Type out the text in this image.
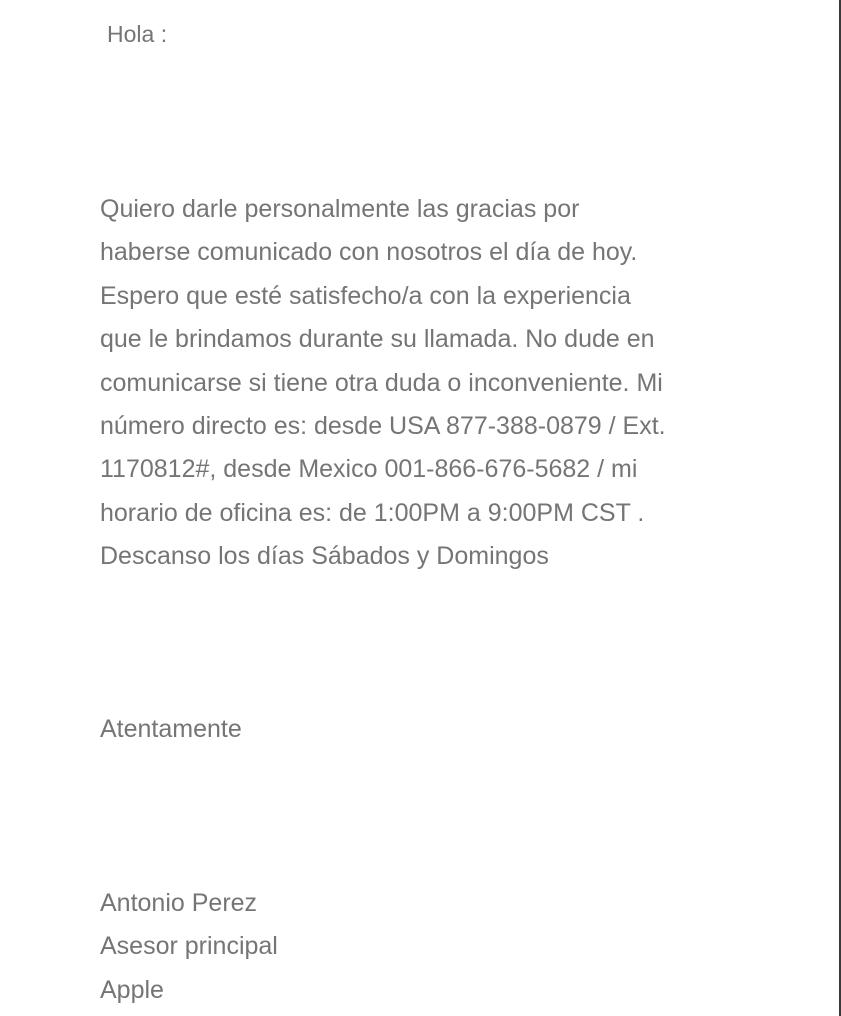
Hola :

Quiero darle personalmente las gracias por
haberse comunicado con nosotros el día de hoy.
Espero que esté satisfecho/a con la experiencia
que le brindamos durante su llamada. No dude en
comunicarse si tiene otra duda o inconveniente. Mi
número directo es: desde USA 877-388-0879 / Ext.
1170812#, desde Mexico 001-866-676-5682 / mi
horario de oficina es: de 1:00PM a 9:00PM CST .
Descanso los días Sábados y Domingos

Atentamente

Antonio Perez
Asesor principal
Apple
